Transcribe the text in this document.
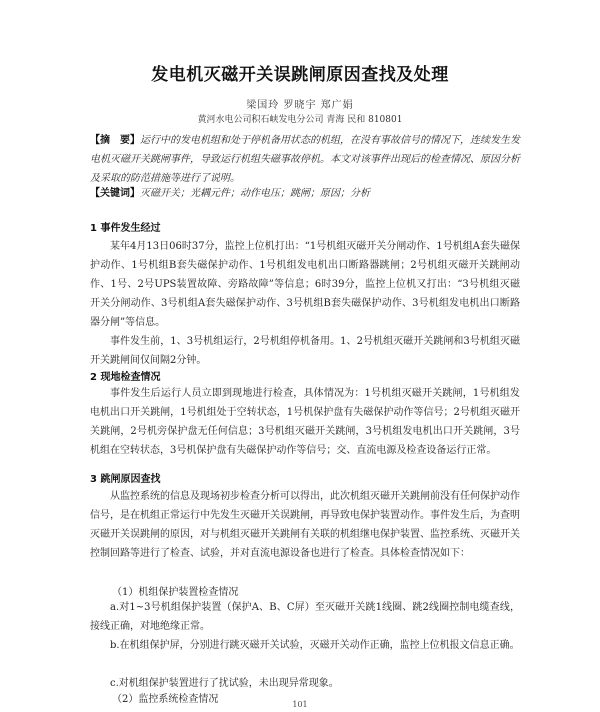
发电机灭磁开关误跳闸原因查找及处理
梁国玲 罗晓宇 郑广娟
黄河水电公司积石峡发电分公司 青海 民和 810801
【摘　要】运行中的发电机组和处于停机备用状态的机组，在没有事故信号的情况下，连续发生发电机灭磁开关跳闸事件，导致运行机组失磁事故停机。本文对该事件出现后的检查情况、原因分析及采取的防范措施等进行了说明。
【关键词】灭磁开关；光耦元件；动作电压；跳闸；原因；分析
1 事件发生经过
某年4月13日06时37分，监控上位机打出：“1号机组灭磁开关分闸动作、1号机组A套失磁保护动作、1号机组B套失磁保护动作、1号机组发电机出口断路器跳闸；2号机组灭磁开关跳闸动作、1号、2号UPS装置故障、旁路故障”等信息；6时39分，监控上位机又打出：“3号机组灭磁开关分闸动作、3号机组A套失磁保护动作、3号机组B套失磁保护动作、3号机组发电机出口断路器分闸”等信息。
事件发生前，1、3号机组运行，2号机组停机备用。1、2号机组灭磁开关跳闸和3号机组灭磁开关跳闸间仅间隔2分钟。
2 现地检查情况
事件发生后运行人员立即到现地进行检查，具体情况为：1号机组灭磁开关跳闸，1号机组发电机出口开关跳闸，1号机组处于空转状态，1号机保护盘有失磁保护动作等信号；2号机组灭磁开关跳闸，2号机旁保护盘无任何信息；3号机组灭磁开关跳闸，3号机组发电机出口开关跳闸，3号机组在空转状态，3号机保护盘有失磁保护动作等信号；交、直流电源及检查设备运行正常。
3 跳闸原因查找
从监控系统的信息及现场初步检查分析可以得出，此次机组灭磁开关跳闸前没有任何保护动作信号，是在机组正常运行中先发生灭磁开关误跳闸，再导致电保护装置动作。事件发生后，为查明灭磁开关误跳闸的原因，对与机组灭磁开关跳闸有关联的机组继电保护装置、监控系统、灭磁开关控制回路等进行了检查、试验，并对直流电源设备也进行了检查。具体检查情况如下：
（1）机组保护装置检查情况
a.对1~3号机组保护装置（保护A、B、C屏）至灭磁开关跳1线圈、跳2线圈控制电缆查线，接线正确，对地绝缘正常。
b.在机组保护屏，分别进行跳灭磁开关试验，灭磁开关动作正确，监控上位机报文信息正确。
c.对机组保护装置进行了扰试验，未出现异常现象。
（2）监控系统检查情况	101
